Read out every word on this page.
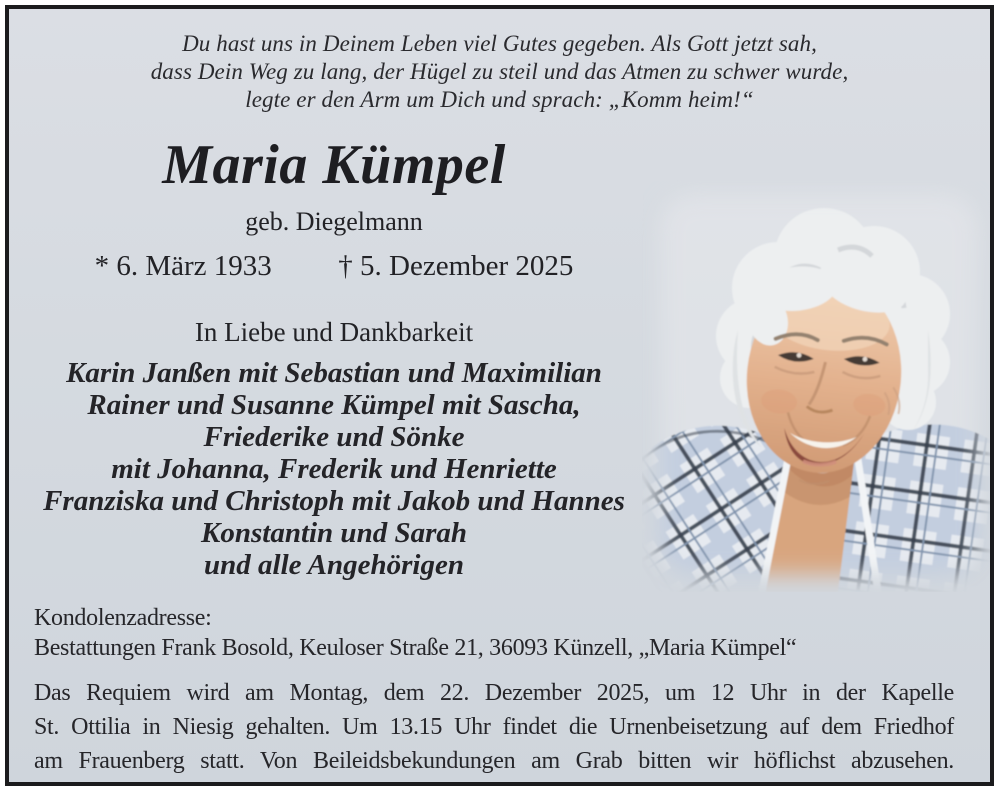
Du hast uns in Deinem Leben viel Gutes gegeben. Als Gott jetzt sah,
dass Dein Weg zu lang, der Hügel zu steil und das Atmen zu schwer wurde,
legte er den Arm um Dich und sprach: „Komm heim!“
Maria Kümpel
geb. Diegelmann
* 6. März 1933 † 5. Dezember 2025
In Liebe und Dankbarkeit
Karin Janßen mit Sebastian und Maximilian
Rainer und Susanne Kümpel mit Sascha,
Friederike und Sönke
mit Johanna, Frederik und Henriette
Franziska und Christoph mit Jakob und Hannes
Konstantin und Sarah
und alle Angehörigen
Kondolenzadresse:
Bestattungen Frank Bosold, Keuloser Straße 21, 36093 Künzell, „Maria Kümpel“
Das Requiem wird am Montag, dem 22. Dezember 2025, um 12 Uhr in der Kapelle
St. Ottilia in Niesig gehalten. Um 13.15 Uhr findet die Urnenbeisetzung auf dem Friedhof
am Frauenberg statt. Von Beileidsbekundungen am Grab bitten wir höflichst abzusehen.
